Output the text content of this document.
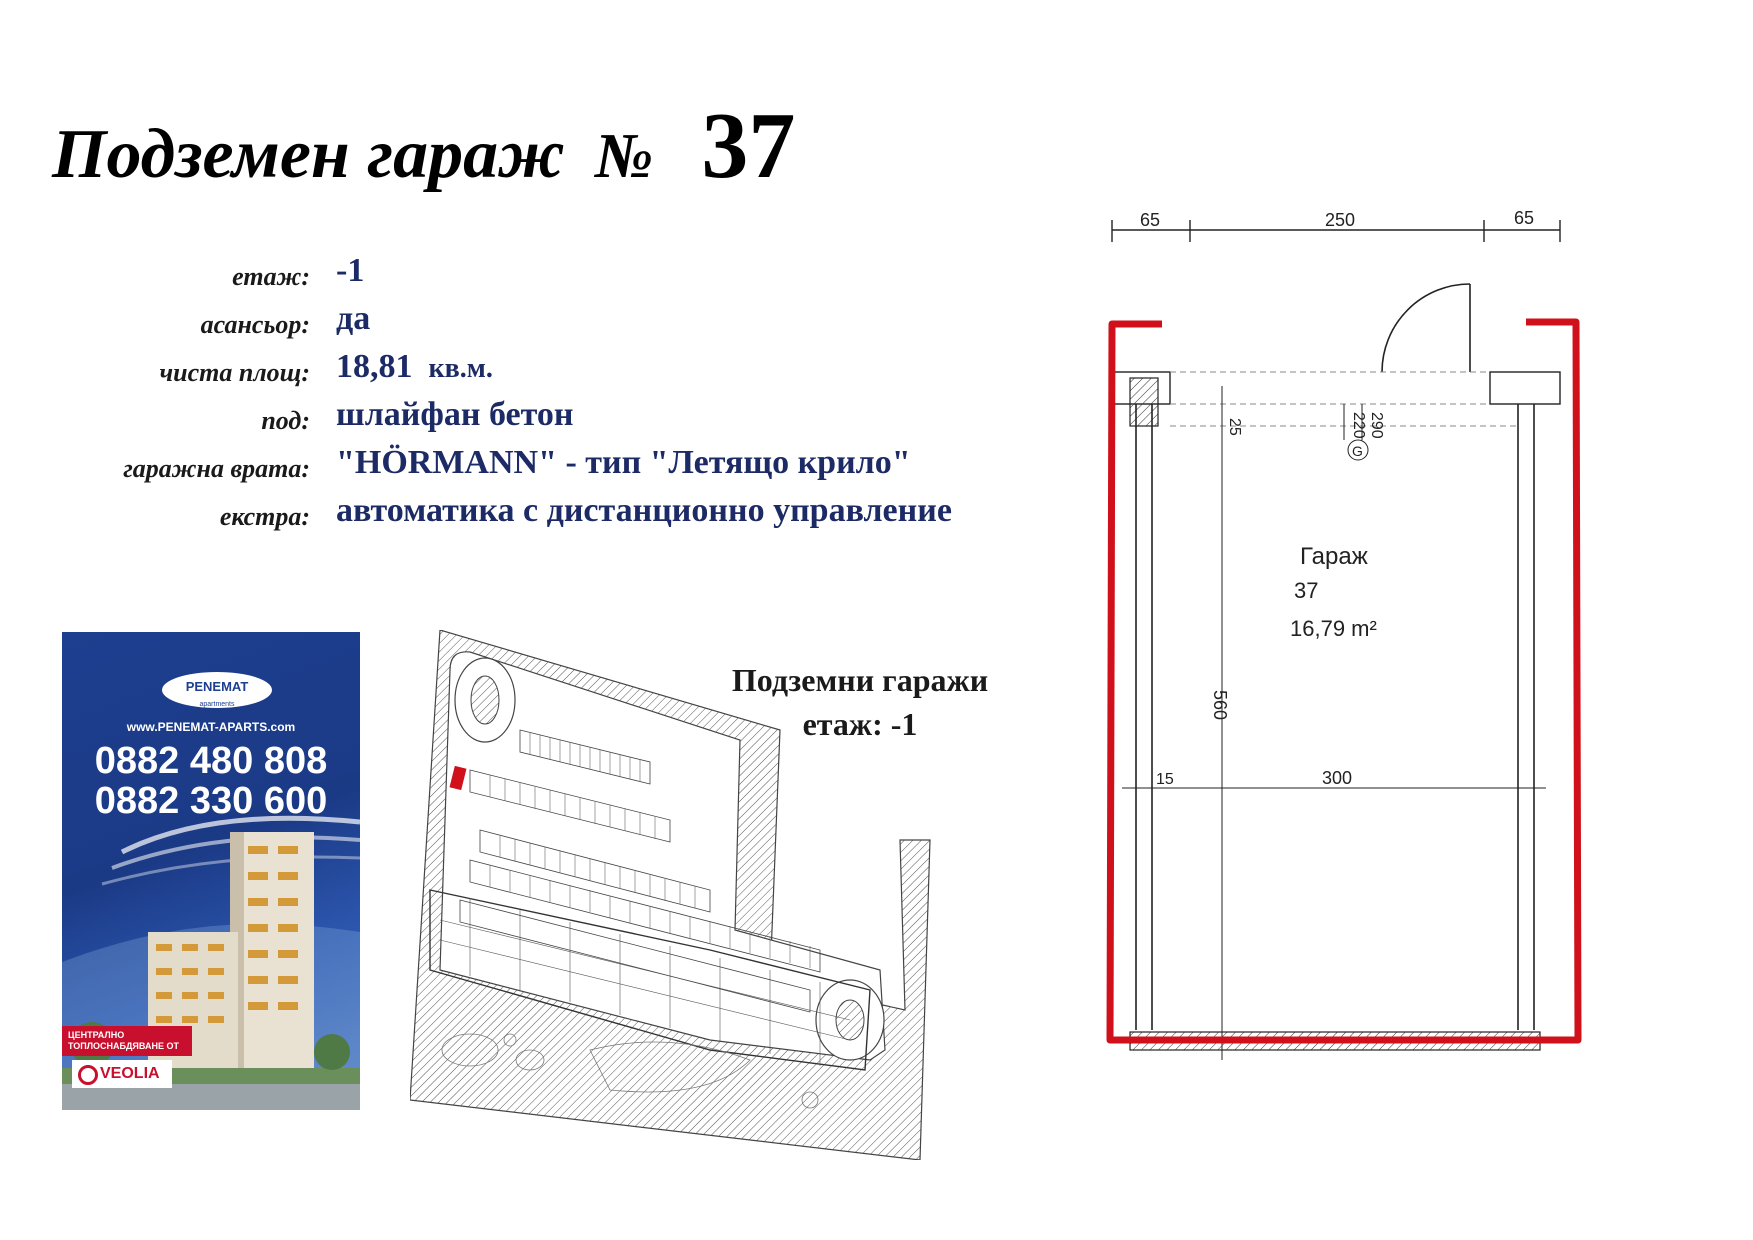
Подземен гараж № 37
етаж: -1
асансьор: да
чиста площ: 18,81 кв.м.
под: шлайфан бетон
гаражна врата: "HÖRMANN" - тип "Летящо крило"
екстра: автоматика с дистанционно управление
PENEMAT
apartments
www.PENEMAT-APARTS.com
0882 480 808
0882 330 600
ЦЕНТРАЛНО
ТОПЛОСНАБДЯВАНЕ ОТ
VEOLIA
Подземни гаражи
етаж: -1
65	250	65
25	220 290
G
Гараж
37
16,79 m²
560
15	300
